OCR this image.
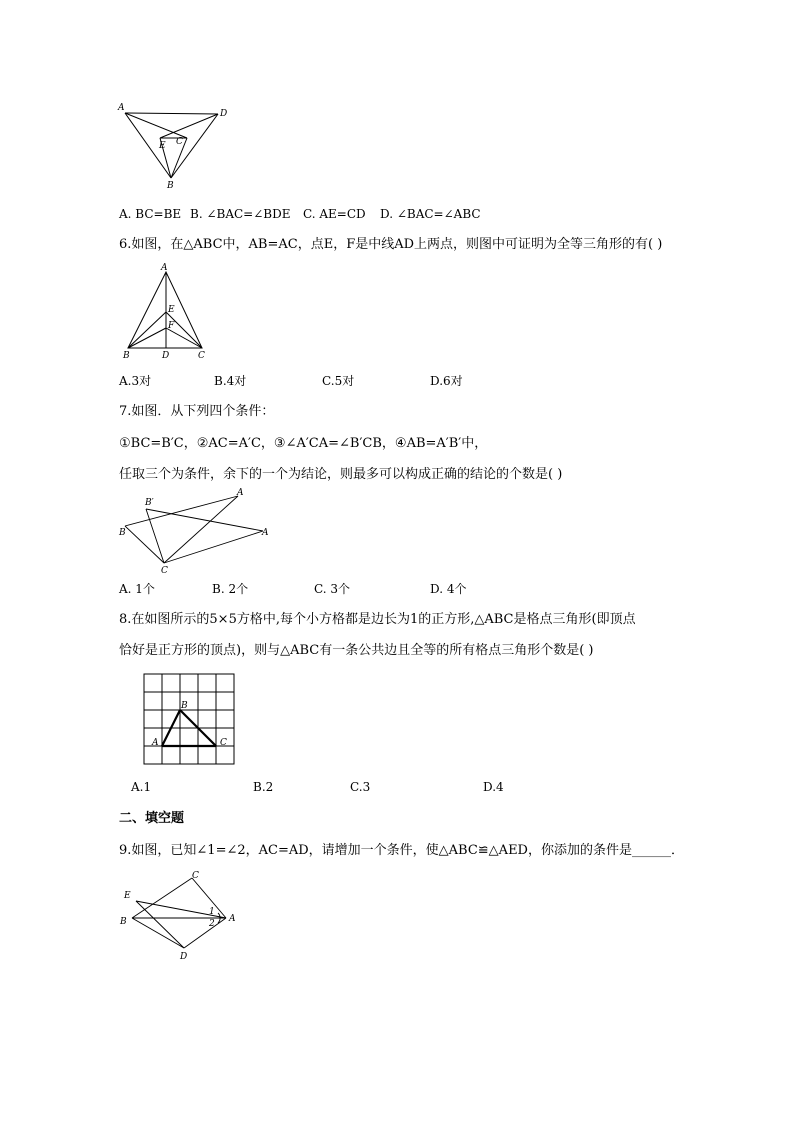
A
D
E C
B
A. BC=BE B. ∠BAC=∠BDE C. AE=CD D. ∠BAC=∠ABC
6.如图，在△ABC中，AB=AC，点E，F是中线AD上两点，则图中可证明为全等三角形的有( )
A
E
F
B	D	C
A.3对	B.4对	C.5对	D.6对
7.如图．从下列四个条件：
①BC=B′C，②AC=A′C，③∠A′CA=∠B′CB，④AB=A′B′中，
任取三个为条件，余下的一个为结论，则最多可以构成正确的结论的个数是( )
B′
A
B	A
C
A. 1个	B. 2个	C. 3个	D. 4个
8.在如图所示的5×5方格中,每个小方格都是边长为1的正方形,△ABC是格点三角形(即顶点
恰好是正方形的顶点)，则与△ABC有一条公共边且全等的所有格点三角形个数是( )
A
B
C
A.1	B.2	C.3	D.4
二、填空题
9.如图，已知∠1=∠2，AC=AD，请增加一个条件，使△ABC≌△AED，你添加的条件是______．
C
E
B
1
2 A
D
